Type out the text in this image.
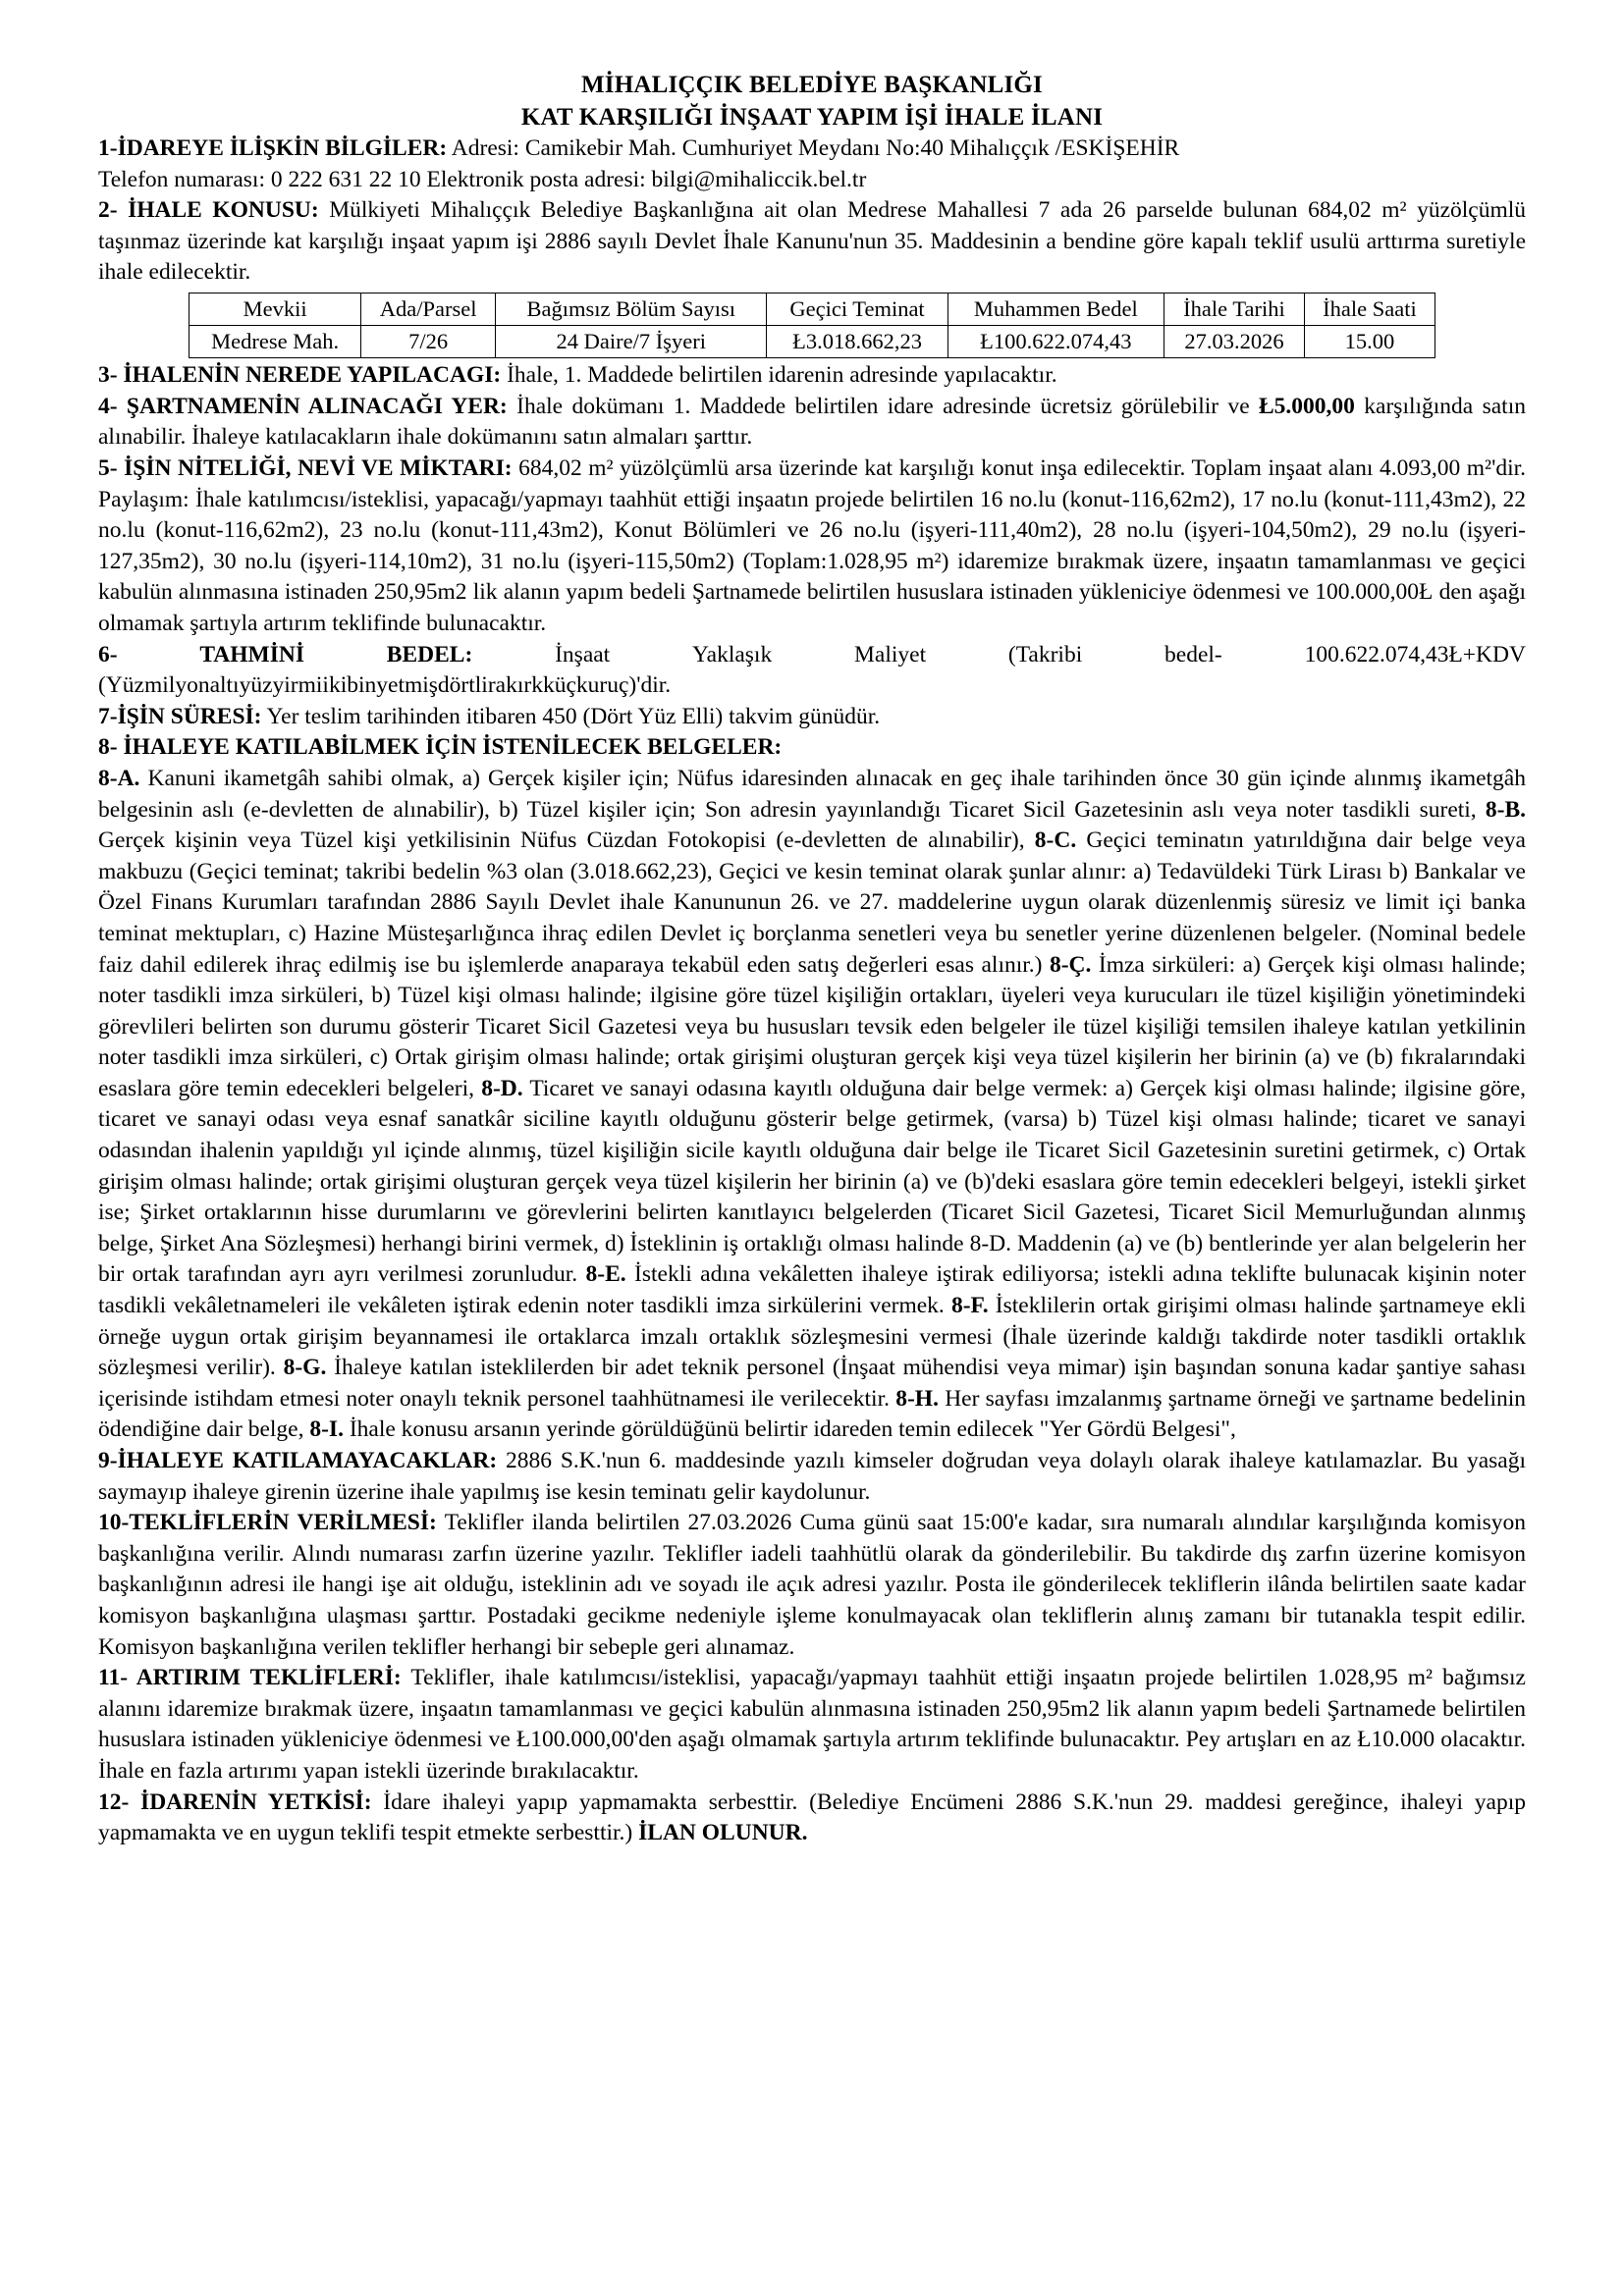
MİHALIÇÇIK BELEDİYE BAŞKANLIĞI
KAT KARŞILIĞI İNŞAAT YAPIM İŞİ İHALE İLANI

1-İDAREYE İLİŞKİN BİLGİLER: Adresi: Camikebir Mah. Cumhuriyet Meydanı No:40 Mihalıççık /ESKİŞEHİR

Telefon numarası: 0 222 631 22 10 Elektronik posta adresi: bilgi@mihaliccik.bel.tr

2- İHALE KONUSU: Mülkiyeti Mihalıççık Belediye Başkanlığına ait olan Medrese Mahallesi 7 ada 26 parselde bulunan 684,02 m² yüzölçümlü taşınmaz üzerinde kat karşılığı inşaat yapım işi 2886 sayılı Devlet İhale Kanunu'nun 35. Maddesinin a bendine göre kapalı teklif usulü arttırma suretiyle ihale edilecektir.

Mevkii	Ada/Parsel	Bağımsız Bölüm Sayısı	Geçici Teminat	Muhammen Bedel	İhale Tarihi	İhale Saati
Medrese Mah.	7/26	24 Daire/7 İşyeri	Ł3.018.662,23	Ł100.622.074,43	27.03.2026	15.00

3- İHALENİN NEREDE YAPILACAGI: İhale, 1. Maddede belirtilen idarenin adresinde yapılacaktır.

4- ŞARTNAMENİN ALINACAĞI YER: İhale dokümanı 1. Maddede belirtilen idare adresinde ücretsiz görülebilir ve Ł5.000,00 karşılığında satın alınabilir. İhaleye katılacakların ihale dokümanını satın almaları şarttır.

5- İŞİN NİTELİĞİ, NEVİ VE MİKTARI: 684,02 m² yüzölçümlü arsa üzerinde kat karşılığı konut inşa edilecektir. Toplam inşaat alanı 4.093,00 m²'dir. Paylaşım: İhale katılımcısı/isteklisi, yapacağı/yapmayı taahhüt ettiği inşaatın projede belirtilen 16 no.lu (konut-116,62m2), 17 no.lu (konut-111,43m2), 22 no.lu (konut-116,62m2), 23 no.lu (konut-111,43m2), Konut Bölümleri ve 26 no.lu (işyeri-111,40m2), 28 no.lu (işyeri-104,50m2), 29 no.lu (işyeri-127,35m2), 30 no.lu (işyeri-114,10m2), 31 no.lu (işyeri-115,50m2) (Toplam:1.028,95 m²) idaremize bırakmak üzere, inşaatın tamamlanması ve geçici kabulün alınmasına istinaden 250,95m2 lik alanın yapım bedeli Şartnamede belirtilen hususlara istinaden yükleniciye ödenmesi ve 100.000,00Ł den aşağı olmamak şartıyla artırım teklifinde bulunacaktır.

6-	TAHMİNİ	BEDEL:	İnşaat	Yaklaşık	Maliyet	(Takribi	bedel-	100.622.074,43Ł+KDV
(Yüzmilyonaltıyüzyirmiikibinyetmişdörtlirakırkküçkuruç)'dir.

7-İŞİN SÜRESİ: Yer teslim tarihinden itibaren 450 (Dört Yüz Elli) takvim günüdür.

8- İHALEYE KATILABİLMEK İÇİN İSTENİLECEK BELGELER:

8-A. Kanuni ikametgâh sahibi olmak, a) Gerçek kişiler için; Nüfus idaresinden alınacak en geç ihale tarihinden önce 30 gün içinde alınmış ikametgâh belgesinin aslı (e-devletten de alınabilir), b) Tüzel kişiler için; Son adresin yayınlandığı Ticaret Sicil Gazetesinin aslı veya noter tasdikli sureti, 8-B. Gerçek kişinin veya Tüzel kişi yetkilisinin Nüfus Cüzdan Fotokopisi (e-devletten de alınabilir), 8-C. Geçici teminatın yatırıldığına dair belge veya makbuzu (Geçici teminat; takribi bedelin %3 olan (3.018.662,23), Geçici ve kesin teminat olarak şunlar alınır: a) Tedavüldeki Türk Lirası b) Bankalar ve Özel Finans Kurumları tarafından 2886 Sayılı Devlet ihale Kanununun 26. ve 27. maddelerine uygun olarak düzenlenmiş süresiz ve limit içi banka teminat mektupları, c) Hazine Müsteşarlığınca ihraç edilen Devlet iç borçlanma senetleri veya bu senetler yerine düzenlenen belgeler. (Nominal bedele faiz dahil edilerek ihraç edilmiş ise bu işlemlerde anaparaya tekabül eden satış değerleri esas alınır.) 8-Ç. İmza sirküleri: a) Gerçek kişi olması halinde; noter tasdikli imza sirküleri, b) Tüzel kişi olması halinde; ilgisine göre tüzel kişiliğin ortakları, üyeleri veya kurucuları ile tüzel kişiliğin yönetimindeki görevlileri belirten son durumu gösterir Ticaret Sicil Gazetesi veya bu hususları tevsik eden belgeler ile tüzel kişiliği temsilen ihaleye katılan yetkilinin noter tasdikli imza sirküleri, c) Ortak girişim olması halinde; ortak girişimi oluşturan gerçek kişi veya tüzel kişilerin her birinin (a) ve (b) fıkralarındaki esaslara göre temin edecekleri belgeleri, 8-D. Ticaret ve sanayi odasına kayıtlı olduğuna dair belge vermek: a) Gerçek kişi olması halinde; ilgisine göre, ticaret ve sanayi odası veya esnaf sanatkâr siciline kayıtlı olduğunu gösterir belge getirmek, (varsa) b) Tüzel kişi olması halinde; ticaret ve sanayi odasından ihalenin yapıldığı yıl içinde alınmış, tüzel kişiliğin sicile kayıtlı olduğuna dair belge ile Ticaret Sicil Gazetesinin suretini getirmek, c) Ortak girişim olması halinde; ortak girişimi oluşturan gerçek veya tüzel kişilerin her birinin (a) ve (b)'deki esaslara göre temin edecekleri belgeyi, istekli şirket ise; Şirket ortaklarının hisse durumlarını ve görevlerini belirten kanıtlayıcı belgelerden (Ticaret Sicil Gazetesi, Ticaret Sicil Memurluğundan alınmış belge, Şirket Ana Sözleşmesi) herhangi birini vermek, d) İsteklinin iş ortaklığı olması halinde 8-D. Maddenin (a) ve (b) bentlerinde yer alan belgelerin her bir ortak tarafından ayrı ayrı verilmesi zorunludur. 8-E. İstekli adına vekâletten ihaleye iştirak ediliyorsa; istekli adına teklifte bulunacak kişinin noter tasdikli vekâletnameleri ile vekâleten iştirak edenin noter tasdikli imza sirkülerini vermek. 8-F. İsteklilerin ortak girişimi olması halinde şartnameye ekli örneğe uygun ortak girişim beyannamesi ile ortaklarca imzalı ortaklık sözleşmesini vermesi (İhale üzerinde kaldığı takdirde noter tasdikli ortaklık sözleşmesi verilir). 8-G. İhaleye katılan isteklilerden bir adet teknik personel (İnşaat mühendisi veya mimar) işin başından sonuna kadar şantiye sahası içerisinde istihdam etmesi noter onaylı teknik personel taahhütnamesi ile verilecektir. 8-H. Her sayfası imzalanmış şartname örneği ve şartname bedelinin ödendiğine dair belge, 8-I. İhale konusu arsanın yerinde görüldüğünü belirtir idareden temin edilecek "Yer Gördü Belgesi",

9-İHALEYE KATILAMAYACAKLAR: 2886 S.K.'nun 6. maddesinde yazılı kimseler doğrudan veya dolaylı olarak ihaleye katılamazlar. Bu yasağı saymayıp ihaleye girenin üzerine ihale yapılmış ise kesin teminatı gelir kaydolunur.

10-TEKLİFLERİN VERİLMESİ: Teklifler ilanda belirtilen 27.03.2026 Cuma günü saat 15:00'e kadar, sıra numaralı alındılar karşılığında komisyon başkanlığına verilir. Alındı numarası zarfın üzerine yazılır. Teklifler iadeli taahhütlü olarak da gönderilebilir. Bu takdirde dış zarfın üzerine komisyon başkanlığının adresi ile hangi işe ait olduğu, isteklinin adı ve soyadı ile açık adresi yazılır. Posta ile gönderilecek tekliflerin ilânda belirtilen saate kadar komisyon başkanlığına ulaşması şarttır. Postadaki gecikme nedeniyle işleme konulmayacak olan tekliflerin alınış zamanı bir tutanakla tespit edilir. Komisyon başkanlığına verilen teklifler herhangi bir sebeple geri alınamaz.

11- ARTIRIM TEKLİFLERİ: Teklifler, ihale katılımcısı/isteklisi, yapacağı/yapmayı taahhüt ettiği inşaatın projede belirtilen 1.028,95 m² bağımsız alanını idaremize bırakmak üzere, inşaatın tamamlanması ve geçici kabulün alınmasına istinaden 250,95m2 lik alanın yapım bedeli Şartnamede belirtilen hususlara istinaden yükleniciye ödenmesi ve Ł100.000,00'den aşağı olmamak şartıyla artırım teklifinde bulunacaktır. Pey artışları en az Ł10.000 olacaktır. İhale en fazla artırımı yapan istekli üzerinde bırakılacaktır.

12- İDARENİN YETKİSİ: İdare ihaleyi yapıp yapmamakta serbesttir. (Belediye Encümeni 2886 S.K.'nun 29. maddesi gereğince, ihaleyi yapıp yapmamakta ve en uygun teklifi tespit etmekte serbesttir.) İLAN OLUNUR.
